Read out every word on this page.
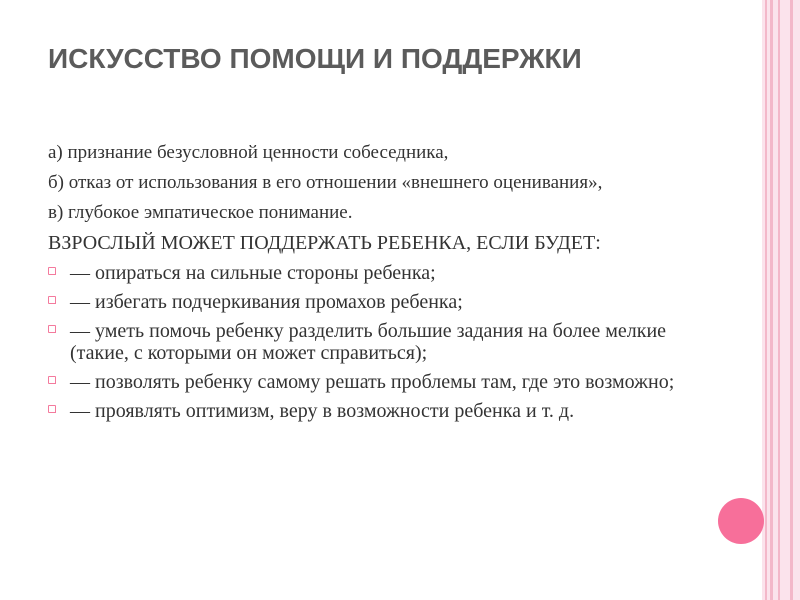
ИСКУССТВО ПОМОЩИ И ПОДДЕРЖКИ

а) признание безусловной ценности собеседника,

б) отказ от использования в его отношении «внешнего оценивания»,

в) глубокое эмпатическое понимание.

ВЗРОСЛЫЙ МОЖЕТ ПОДДЕРЖАТЬ РЕБЕНКА, ЕСЛИ БУДЕТ:

— опираться на сильные стороны ребенка;
— избегать подчеркивания промахов ребенка;
— уметь помочь ребенку разделить большие задания на более мелкие (такие, с которыми он может справиться);
— позволять ребенку самому решать проблемы там, где это возможно;
— проявлять оптимизм, веру в возможности ребенка и т. д.
